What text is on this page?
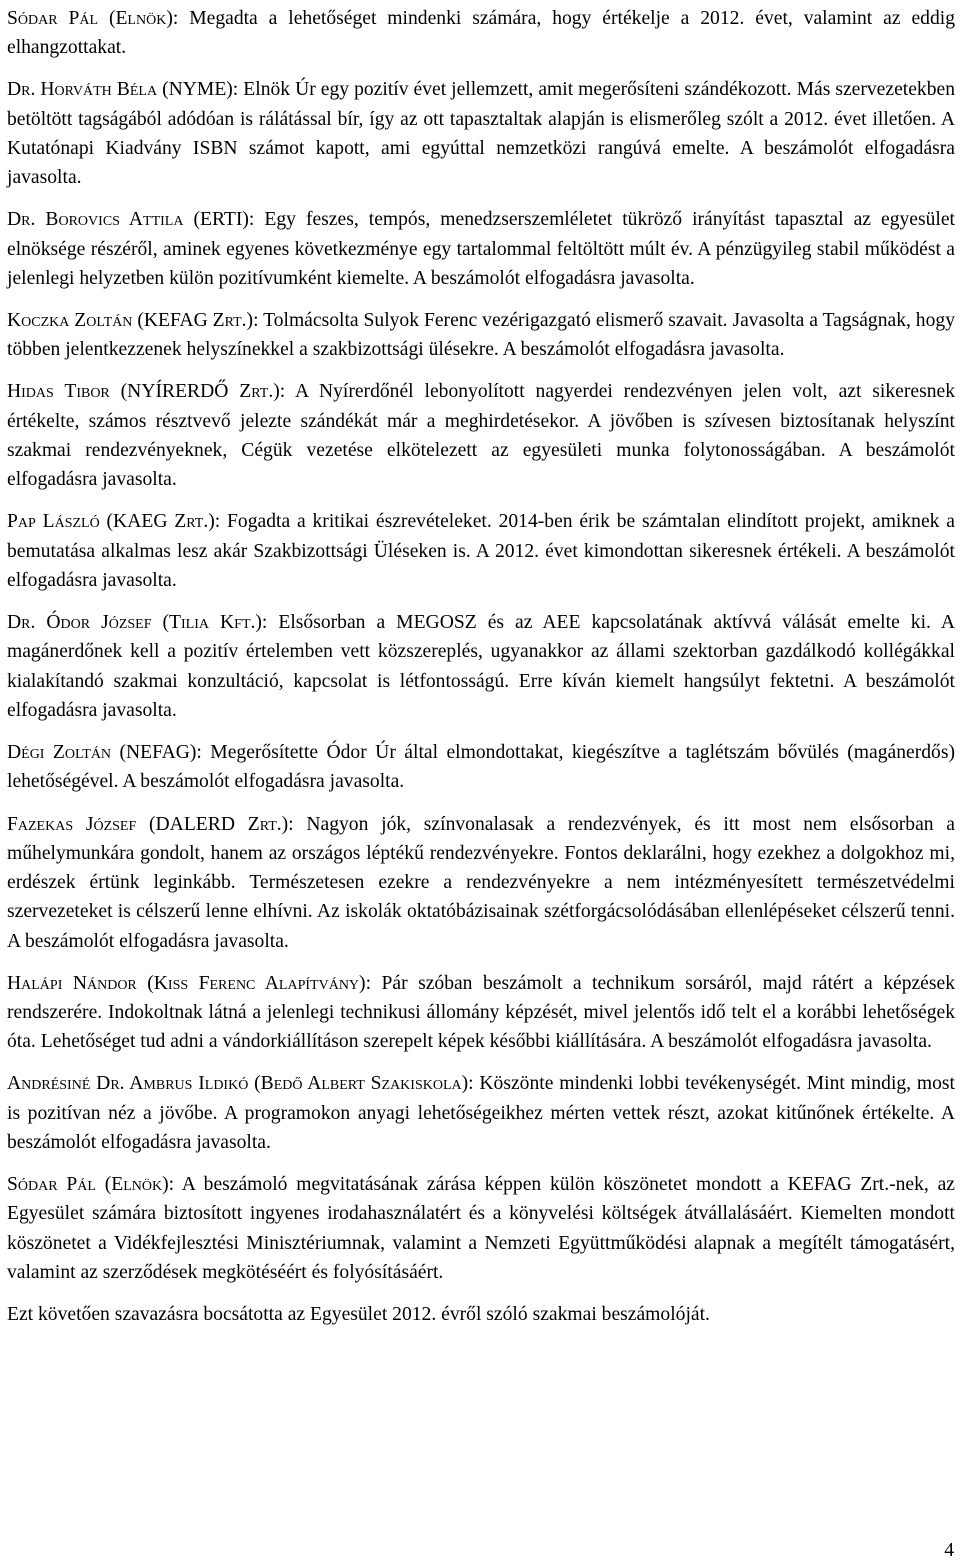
Sódar Pál (Elnök): Megadta a lehetőséget mindenki számára, hogy értékelje a 2012. évet, valamint az eddig elhangzottakat.

Dr. Horváth Béla (NYME): Elnök Úr egy pozitív évet jellemzett, amit megerősíteni szándékozott. Más szervezetekben betöltött tagságából adódóan is rálátással bír, így az ott tapasztaltak alapján is elismerőleg szólt a 2012. évet illetően. A Kutatónapi Kiadvány ISBN számot kapott, ami egyúttal nemzetközi rangúvá emelte. A beszámolót elfogadásra javasolta.

Dr. Borovics Attila (ERTI): Egy feszes, tempós, menedzserszemléletet tükröző irányítást tapasztal az egyesület elnöksége részéről, aminek egyenes következménye egy tartalommal feltöltött múlt év. A pénzügyileg stabil működést a jelenlegi helyzetben külön pozitívumként kiemelte. A beszámolót elfogadásra javasolta.

Koczka Zoltán (KEFAG Zrt.): Tolmácsolta Sulyok Ferenc vezérigazgató elismerő szavait. Javasolta a Tagságnak, hogy többen jelentkezzenek helyszínekkel a szakbizottsági ülésekre. A beszámolót elfogadásra javasolta.

Hidas Tibor (NYÍRERDŐ Zrt.): A Nyírerdőnél lebonyolított nagyerdei rendezvényen jelen volt, azt sikeresnek értékelte, számos résztvevő jelezte szándékát már a meghirdetésekor. A jövőben is szívesen biztosítanak helyszínt szakmai rendezvényeknek, Cégük vezetése elkötelezett az egyesületi munka folytonosságában. A beszámolót elfogadásra javasolta.

Pap László (KAEG Zrt.): Fogadta a kritikai észrevételeket. 2014-ben érik be számtalan elindított projekt, amiknek a bemutatása alkalmas lesz akár Szakbizottsági Üléseken is. A 2012. évet kimondottan sikeresnek értékeli. A beszámolót elfogadásra javasolta.

Dr. Ódor József (Tilia Kft.): Elsősorban a MEGOSZ és az AEE kapcsolatának aktívvá válását emelte ki. A magánerdőnek kell a pozitív értelemben vett közszereplés, ugyanakkor az állami szektorban gazdálkodó kollégákkal kialakítandó szakmai konzultáció, kapcsolat is létfontosságú. Erre kíván kiemelt hangsúlyt fektetni. A beszámolót elfogadásra javasolta.

Dégi Zoltán (NEFAG): Megerősítette Ódor Úr által elmondottakat, kiegészítve a taglétszám bővülés (magánerdős) lehetőségével. A beszámolót elfogadásra javasolta.

Fazekas József (DALERD Zrt.): Nagyon jók, színvonalasak a rendezvények, és itt most nem elsősorban a műhelymunkára gondolt, hanem az országos léptékű rendezvényekre. Fontos deklarálni, hogy ezekhez a dolgokhoz mi, erdészek értünk leginkább. Természetesen ezekre a rendezvényekre a nem intézményesített természetvédelmi szervezeteket is célszerű lenne elhívni. Az iskolák oktatóbázisainak szétforgácsolódásában ellenlépéseket célszerű tenni. A beszámolót elfogadásra javasolta.

Halápi Nándor (Kiss Ferenc Alapítvány): Pár szóban beszámolt a technikum sorsáról, majd rátért a képzések rendszerére. Indokoltnak látná a jelenlegi technikusi állomány képzését, mivel jelentős idő telt el a korábbi lehetőségek óta. Lehetőséget tud adni a vándorkiállításon szerepelt képek későbbi kiállítására. A beszámolót elfogadásra javasolta.

Andrésiné Dr. Ambrus Ildikó (Bedő Albert Szakiskola): Köszönte mindenki lobbi tevékenységét. Mint mindig, most is pozitívan néz a jövőbe. A programokon anyagi lehetőségeikhez mérten vettek részt, azokat kitűnőnek értékelte. A beszámolót elfogadásra javasolta.

Sódar Pál (Elnök): A beszámoló megvitatásának zárása képpen külön köszönetet mondott a KEFAG Zrt.-nek, az Egyesület számára biztosított ingyenes irodahasználatért és a könyvelési költségek átvállalásáért. Kiemelten mondott köszönetet a Vidékfejlesztési Minisztériumnak, valamint a Nemzeti Együttműködési alapnak a megítélt támogatásért, valamint az szerződések megkötéséért és folyósításáért.

Ezt követően szavazásra bocsátotta az Egyesület 2012. évről szóló szakmai beszámolóját.

4
